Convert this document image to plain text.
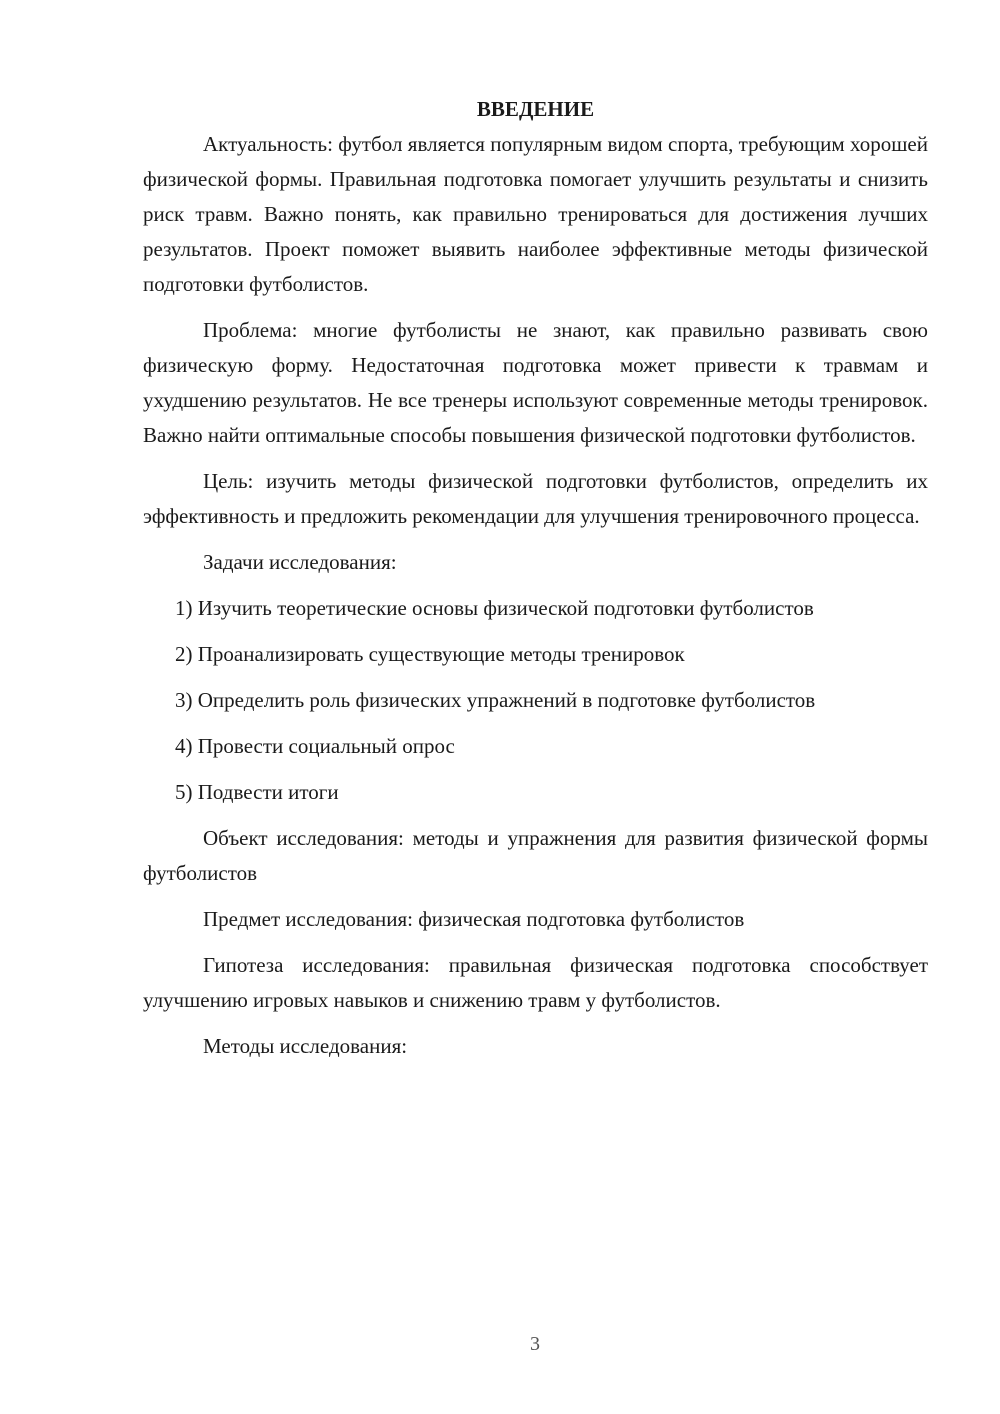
ВВЕДЕНИЕ

Актуальность: футбол является популярным видом спорта, требующим хорошей физической формы. Правильная подготовка помогает улучшить результаты и снизить риск травм. Важно понять, как правильно тренироваться для достижения лучших результатов. Проект поможет выявить наиболее эффективные методы физической подготовки футболистов.

Проблема: многие футболисты не знают, как правильно развивать свою физическую форму. Недостаточная подготовка может привести к травмам и ухудшению результатов. Не все тренеры используют современные методы тренировок. Важно найти оптимальные способы повышения физической подготовки футболистов.

Цель: изучить методы физической подготовки футболистов, определить их эффективность и предложить рекомендации для улучшения тренировочного процесса.

Задачи исследования:

1) Изучить теоретические основы физической подготовки футболистов

2) Проанализировать существующие методы тренировок

3) Определить роль физических упражнений в подготовке футболистов

4) Провести социальный опрос

5) Подвести итоги

Объект исследования: методы и упражнения для развития физической формы футболистов

Предмет исследования: физическая подготовка футболистов

Гипотеза исследования: правильная физическая подготовка способствует улучшению игровых навыков и снижению травм у футболистов.

Методы исследования:

3
